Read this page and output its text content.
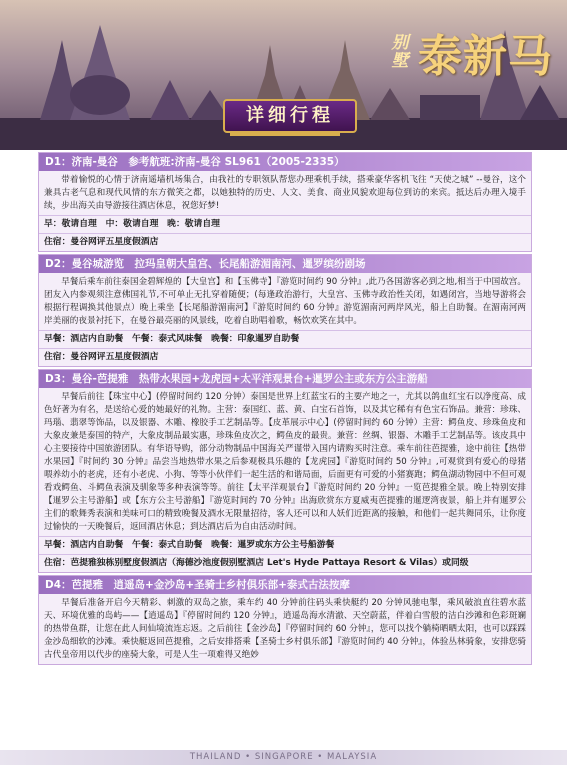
别墅 泰新马
详细行程
D1：济南-曼谷　参考航班:济南-曼谷 SL961（2005-2335）

带着愉悦的心情于济南遥墙机场集合，由我社的专职领队帮您办理乘机手续，搭乘豪华客机飞往 “天使之城” --曼谷，这个兼具古老气息和现代风情的东方微笑之都，以她独特的历史、人文、美食、商业风貌欢迎每位到访的来宾。抵达后办理入境手续，步出海关由导游接往酒店休息，祝您好梦!

早：敬请自理　中：敬请自理　晚：敬请自理
住宿：曼谷网评五星度假酒店
D2：曼谷城游览　拉玛皇朝大皇宫、长尾船游湄南河、暹罗缤纷剧场

早餐后乘车前往泰国金碧辉煌的【大皇宫】和【玉佛寺】『游览时间约 90 分钟』,此乃各国游客必到之地,相当于中国故宫。团友入内参观须注意佛国礼节,不可单止无扎穿着随便；(每逢政治游行，大皇宫、玉佛寺政治性关闭，如遇闭宫，当地导游将会根据行程调换其他景点）晚上乘坐【长尾船游湄南河】『游览时间约 60 分钟』游览湄南河两岸风光，船上自助餐。在湄南河两岸美丽的夜景衬托下，在曼谷最亮丽的风景线，吃着自助唱着歌，畅饮欢笑在其中。

早餐：酒店内自助餐　午餐：泰式风味餐　晚餐：印象暹罗自助餐
住宿：曼谷网评五星度假酒店
D3：曼谷-芭提雅　热带水果园+龙虎园+太平洋观景台+暹罗公主或东方公主游船

早餐后前往【珠宝中心】(停留时间约 120 分钟）泰国是世界上红蓝宝石的主要产地之一，尤其以鸽血红宝石以净度高、成色好著为有名，是送给心爱的她最好的礼物。主营：泰国红、蓝、黄、白宝石首饰，以及其它稀有有色宝石饰品。兼营：珍珠、玛瑙、翡翠等饰品，以及银器、木雕、橡胶手工艺制品等。【皮革展示中心】(停留时间约 60 分钟）主营：鳄鱼皮、珍珠鱼皮和大象皮兼是泰国的特产，大象皮制品最实惠，珍珠鱼皮次之，鳄鱼皮的最贵。兼营：丝绸、银器、木雕手工艺制品等。该皮具中心主要接待中国旅游团队。有华语导购，部分动物制品中国海关严谨带入国内请购买时注意。乘车前往芭提雅，途中前往【热带水果园】『时间约 30 分钟』品尝当地热带水果之后参观极具乐趣的【龙虎园】『游览时间约 50 分钟』,可观赏到有爱心的母猪喂养幼小的老虎，还有小老虎、小狗、等等小伙伴们一起生活的和谐局面，后面更有可爱的小猪赛跑；鳄鱼湖动物园中不但可观看戏鳄鱼、斗鳄鱼表演及驯象等多种表演等等。前往【太平洋观景台】『游览时间约 20 分钟』一览芭提雅全景。晚上特别安排【暹罗公主号游船】或【东方公主号游船】『游览时间约 70 分钟』出海欣赏东方夏威夷芭提雅的暹逻湾夜景，船上并有暹罗公主们的歌舞秀表演和美味可口的精致晚餐及酒水无限量招待，客人还可以和人妖们近距离的接触，和他们一起共舞同乐，让你度过愉快的一天晚餐后，返回酒店休息；到达酒店后为自由活动时间。

早餐：酒店内自助餐　午餐：泰式自助餐　晚餐：暹罗或东方公主号船游餐
住宿：芭提雅独栋别墅度假酒店（海德沙池度假别墅酒店 Let's Hyde Pattaya Resort & Vilas）或同级
D4：芭提雅　逍遥岛+金沙岛+圣骑士乡村俱乐部+泰式古法按摩

早餐后准备开启今天精彩、刺激的双岛之旅，乘车约 40 分钟前往码头乘快艇约 20 分钟风驰电掣，乘风破浪直往碧水蓝天、环境优雅的岛屿——【逍遥岛】『停留时间约 120 分钟』，逍遥岛海水清澈、天空蔚蓝，伴着白雪般的洁白沙滩和色彩斑斓的热带鱼群，让您在此人间仙境流连忘返。之后前往【金沙岛】『停留时间约 60 分钟』，您可以找个躺椅晒晒太阳，也可以踩踩金沙岛细软的沙滩。乘快艇返回芭提雅，之后安排搭乘【圣骑士乡村俱乐部】『游览时间约 40 分钟』，体验丛林骑象，安排您骑古代皇帝用以代步的座骑大象，可是人生一项难得又绝妙

THAILAND • SINGAPORE • MALAYSIA
